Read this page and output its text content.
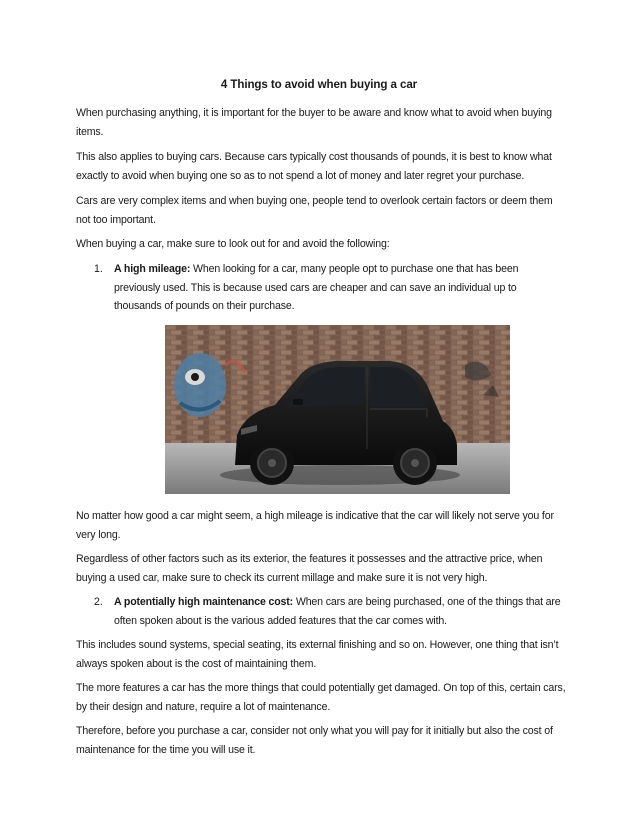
4 Things to avoid when buying a car

When purchasing anything, it is important for the buyer to be aware and know what to avoid when buying items.

This also applies to buying cars. Because cars typically cost thousands of pounds, it is best to know what exactly to avoid when buying one so as to not spend a lot of money and later regret your purchase.

Cars are very complex items and when buying one, people tend to overlook certain factors or deem them not too important.

When buying a car, make sure to look out for and avoid the following:

1. A high mileage: When looking for a car, many people opt to purchase one that has been previously used. This is because used cars are cheaper and can save an individual up to thousands of pounds on their purchase.

No matter how good a car might seem, a high mileage is indicative that the car will likely not serve you for very long.

Regardless of other factors such as its exterior, the features it possesses and the attractive price, when buying a used car, make sure to check its current millage and make sure it is not very high.

2. A potentially high maintenance cost: When cars are being purchased, one of the things that are often spoken about is the various added features that the car comes with.

This includes sound systems, special seating, its external finishing and so on. However, one thing that isn’t always spoken about is the cost of maintaining them.

The more features a car has the more things that could potentially get damaged. On top of this, certain cars, by their design and nature, require a lot of maintenance.

Therefore, before you purchase a car, consider not only what you will pay for it initially but also the cost of maintenance for the time you will use it.
